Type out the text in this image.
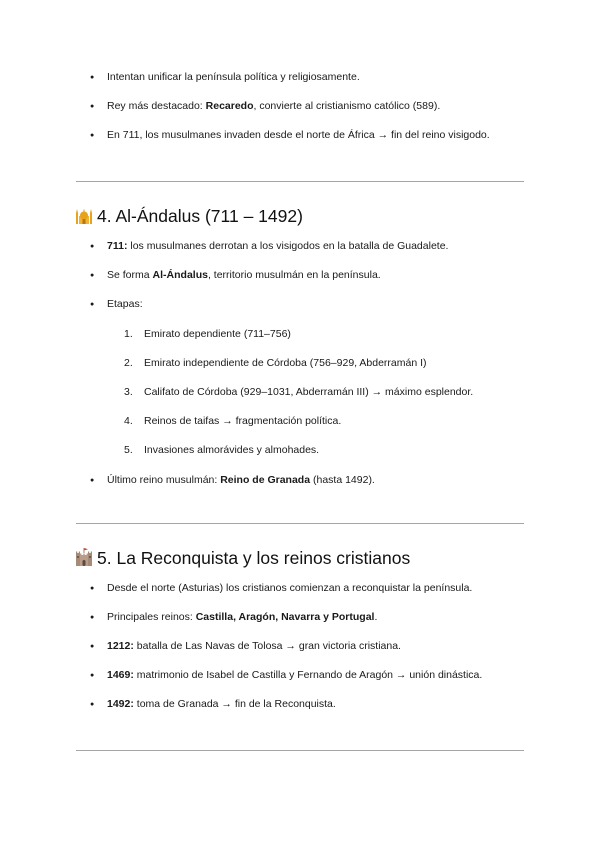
● Intentan unificar la península política y religiosamente.
● Rey más destacado: Recaredo, convierte al cristianismo católico (589).
● En 711, los musulmanes invaden desde el norte de África → fin del reino visigodo.
4. Al-Ándalus (711 – 1492)
● 711: los musulmanes derrotan a los visigodos en la batalla de Guadalete.
● Se forma Al-Ándalus, territorio musulmán en la península.
● Etapas:
1. Emirato dependiente (711–756)
2. Emirato independiente de Córdoba (756–929, Abderramán I)
3. Califato de Córdoba (929–1031, Abderramán III) → máximo esplendor.
4. Reinos de taifas → fragmentación política.
5. Invasiones almorávides y almohades.
● Último reino musulmán: Reino de Granada (hasta 1492).
5. La Reconquista y los reinos cristianos
● Desde el norte (Asturias) los cristianos comienzan a reconquistar la península.
● Principales reinos: Castilla, Aragón, Navarra y Portugal.
● 1212: batalla de Las Navas de Tolosa → gran victoria cristiana.
● 1469: matrimonio de Isabel de Castilla y Fernando de Aragón → unión dinástica.
● 1492: toma de Granada → fin de la Reconquista.
